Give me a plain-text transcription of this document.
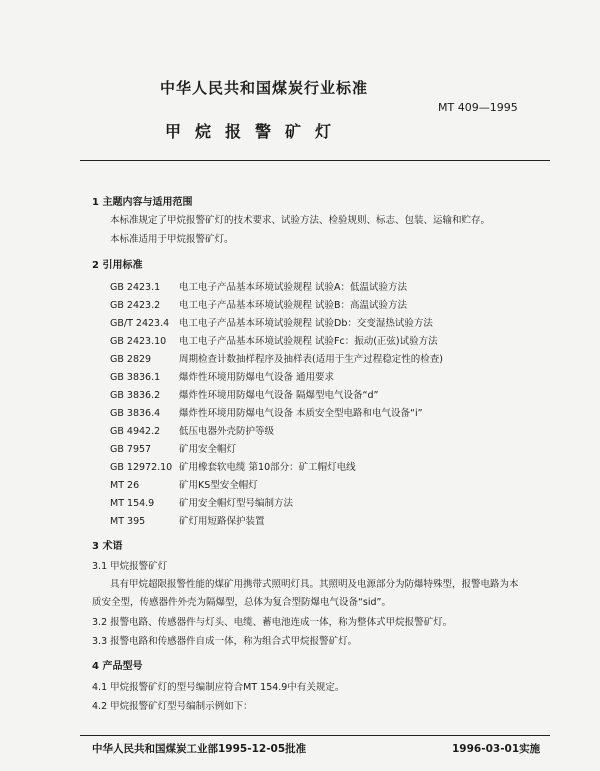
中华人民共和国煤炭行业标准
MT 409—1995
甲烷报警矿灯
1 主题内容与适用范围
本标准规定了甲烷报警矿灯的技术要求、试验方法、检验规则、标志、包装、运输和贮存。
本标准适用于甲烷报警矿灯。
2 引用标准
GB 2423.1 电工电子产品基本环境试验规程 试验A：低温试验方法
GB 2423.2 电工电子产品基本环境试验规程 试验B：高温试验方法
GB/T 2423.4 电工电子产品基本环境试验规程 试验Db：交变湿热试验方法
GB 2423.10 电工电子产品基本环境试验规程 试验Fc：振动(正弦)试验方法
GB 2829	周期检查计数抽样程序及抽样表(适用于生产过程稳定性的检查)
GB 3836.1 爆炸性环境用防爆电气设备 通用要求
GB 3836.2 爆炸性环境用防爆电气设备 隔爆型电气设备“d”
GB 3836.4 爆炸性环境用防爆电气设备 本质安全型电路和电气设备“i”
GB 4942.2 低压电器外壳防护等级
GB 7957	矿用安全帽灯
GB 12972.10 矿用橡套软电缆 第10部分：矿工帽灯电线
MT 26	矿用KS型安全帽灯
MT 154.9	矿用安全帽灯型号编制方法
MT 395	矿灯用短路保护装置
3 术语
3.1 甲烷报警矿灯
具有甲烷超限报警性能的煤矿用携带式照明灯具。其照明及电源部分为防爆特殊型，报警电路为本
质安全型，传感器件外壳为隔爆型，总体为复合型防爆电气设备“sid”。
3.2 报警电路、传感器件与灯头、电缆、蓄电池连成一体，称为整体式甲烷报警矿灯。
3.3 报警电路和传感器件自成一体，称为组合式甲烷报警矿灯。
4 产品型号
4.1 甲烷报警矿灯的型号编制应符合MT 154.9中有关规定。
4.2 甲烷报警矿灯型号编制示例如下：
中华人民共和国煤炭工业部1995-12-05批准	1996-03-01实施
